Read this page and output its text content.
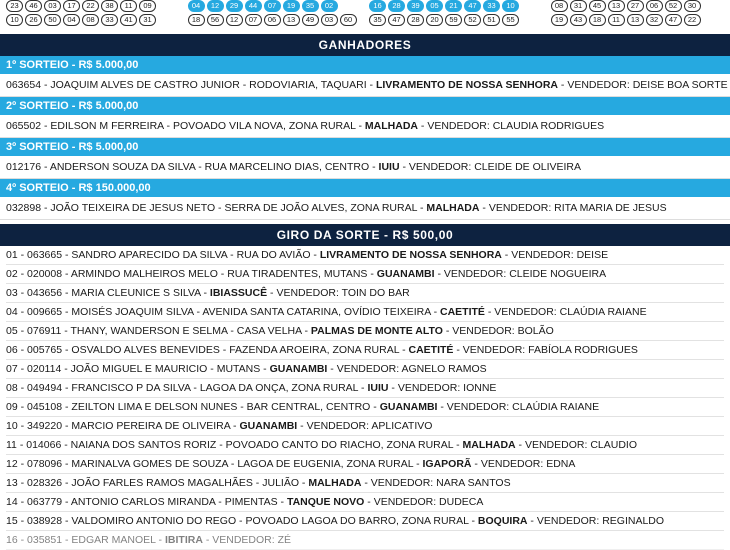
23	46	03	17	22	38	11	09
10	26	50	04	08	33	41	31
04	12	29	44	07	19	35	02
18	56	12	07	06	13	49	03	60
16	28	39	05	21	47	33	10
35	47	28	20	59	52	51	55
08	31	45	13	27	06	52	30
19	43	18	11	13	32	47	22
GANHADORES
1º SORTEIO - R$ 5.000,00
063654 - JOAQUIM ALVES DE CASTRO JUNIOR - RODOVIARIA, TAQUARI - LIVRAMENTO DE NOSSA SENHORA - VENDEDOR: DEISE BOA SORTE
2º SORTEIO - R$ 5.000,00
065502 - EDILSON M FERREIRA - POVOADO VILA NOVA, ZONA RURAL - MALHADA - VENDEDOR: CLAUDIA RODRIGUES
3º SORTEIO - R$ 5.000,00
012176 - ANDERSON SOUZA DA SILVA - RUA MARCELINO DIAS, CENTRO - IUIU - VENDEDOR: CLEIDE DE OLIVEIRA
4º SORTEIO - R$ 150.000,00
032898 - JOÃO TEIXEIRA DE JESUS NETO - SERRA DE JOÃO ALVES, ZONA RURAL - MALHADA - VENDEDOR: RITA MARIA DE JESUS
GIRO DA SORTE - R$ 500,00
01 - 063665 - SANDRO APARECIDO DA SILVA - RUA DO AVIÃO - LIVRAMENTO DE NOSSA SENHORA - VENDEDOR: DEISE
02 - 020008 - ARMINDO MALHEIROS MELO - RUA TIRADENTES, MUTANS - GUANAMBI - VENDEDOR: CLEIDE NOGUEIRA
03 - 043656 - MARIA CLEUNICE S SILVA - IBIASSUCÊ - VENDEDOR: TOIN DO BAR
04 - 009665 - MOISÉS JOAQUIM SILVA - AVENIDA SANTA CATARINA, OVÍDIO TEIXEIRA - CAETITÉ - VENDEDOR: CLAÚDIA RAIANE
05 - 076911 - THANY, WANDERSON E SELMA - CASA VELHA - PALMAS DE MONTE ALTO - VENDEDOR: BOLÃO
06 - 005765 - OSVALDO ALVES BENEVIDES - FAZENDA AROEIRA, ZONA RURAL - CAETITÉ - VENDEDOR: FABÍOLA RODRIGUES
07 - 020114 - JOÃO MIGUEL E MAURICIO - MUTANS - GUANAMBI - VENDEDOR: AGNELO RAMOS
08 - 049494 - FRANCISCO P DA SILVA - LAGOA DA ONÇA, ZONA RURAL - IUIU - VENDEDOR: IONNE
09 - 045108 - ZEILTON LIMA E DELSON NUNES - BAR CENTRAL, CENTRO - GUANAMBI - VENDEDOR: CLAÚDIA RAIANE
10 - 349220 - MARCIO PEREIRA DE OLIVEIRA - GUANAMBI - VENDEDOR: APLICATIVO
11 - 014066 - NAIANA DOS SANTOS RORIZ - POVOADO CANTO DO RIACHO, ZONA RURAL - MALHADA - VENDEDOR: CLAUDIO
12 - 078096 - MARINALVA GOMES DE SOUZA - LAGOA DE EUGENIA, ZONA RURAL - IGAPORÃ - VENDEDOR: EDNA
13 - 028326 - JOÃO FARLES RAMOS MAGALHÃES - JULIÃO - MALHADA - VENDEDOR: NARA SANTOS
14 - 063779 - ANTONIO CARLOS MIRANDA - PIMENTAS - TANQUE NOVO - VENDEDOR: DUDECA
15 - 038928 - VALDOMIRO ANTONIO DO REGO - POVOADO LAGOA DO BARRO, ZONA RURAL - BOQUIRA - VENDEDOR: REGINALDO
16 - 035851 - EDGAR MANOEL - IBITIRA - VENDEDOR: ZÉ
